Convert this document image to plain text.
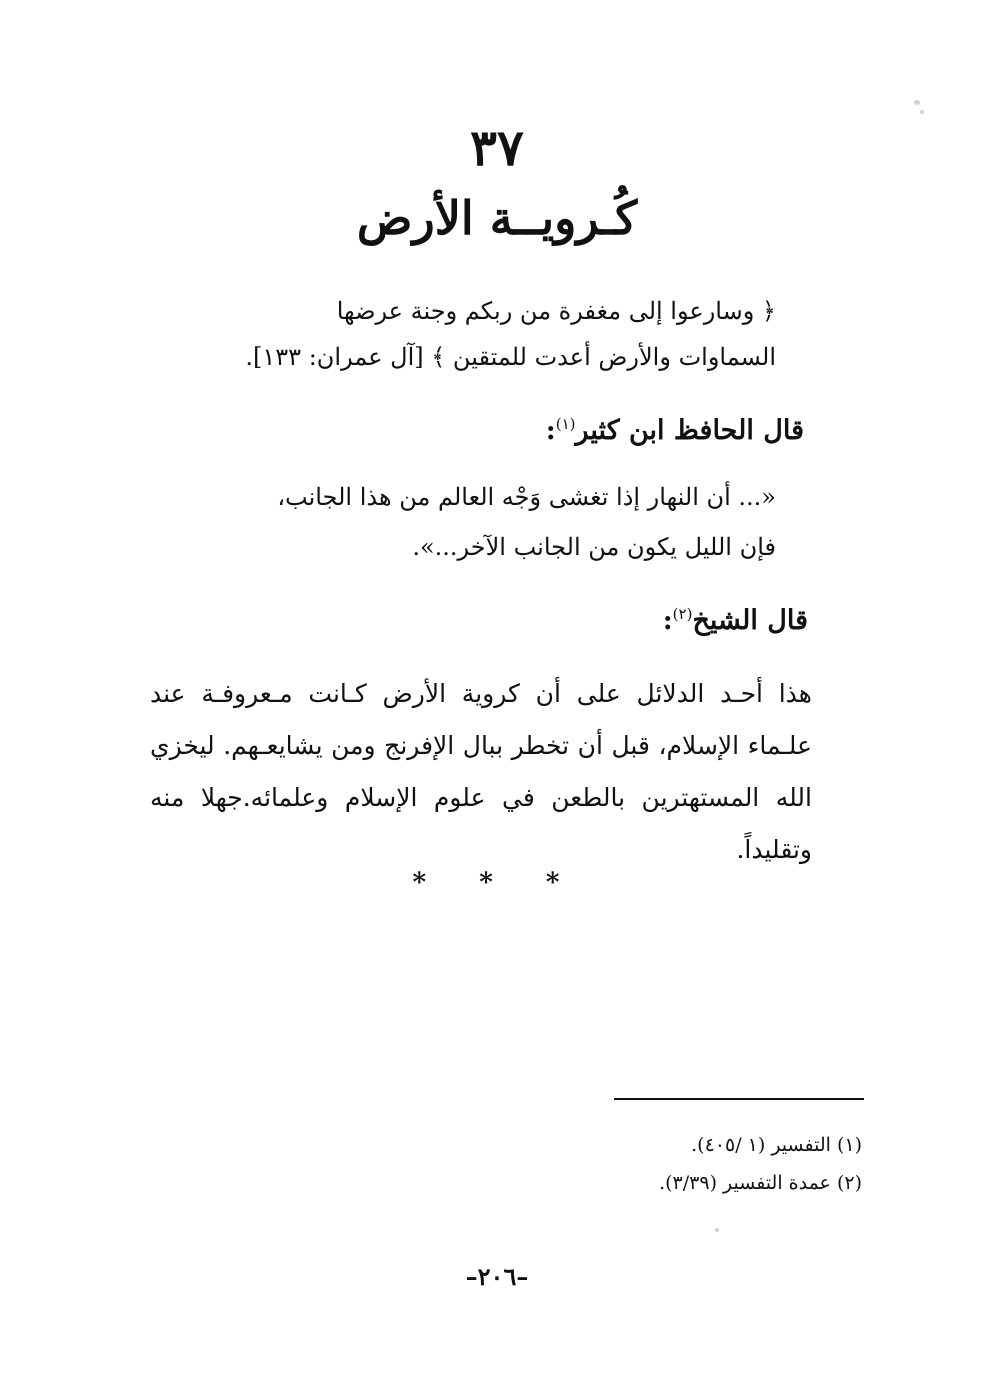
٣٧
كُـرويــة الأرض
﴿ وسارعوا إلى مغفرة من ربكم وجنة عرضها السماوات والأرض أعدت للمتقين ﴾ [آل عمران: ١٣٣].
قال الحافظ ابن كثير$^{(١)}$:
«... أن النهار إذا تغشى وَجْه العالم من هذا الجانب، فإن الليل يكون من الجانب الآخر...».
قال الشيخ$^{(٢)}$:
هذا أحـد الدلائل على أن كروية الأرض كـانت مـعروفـة عند علـماء الإسلام، قبل أن تخطر ببال الإفرنج ومن يشايعـهم. ليخزي الله المستهترين بالطعن في علوم الإسلام وعلمائه.جهلا منه وتقليداً.
* * *
(١) التفسير (١ /٤٠٥).
(٢) عمدة التفسير (٣/٣٩).
–٢٠٦–
